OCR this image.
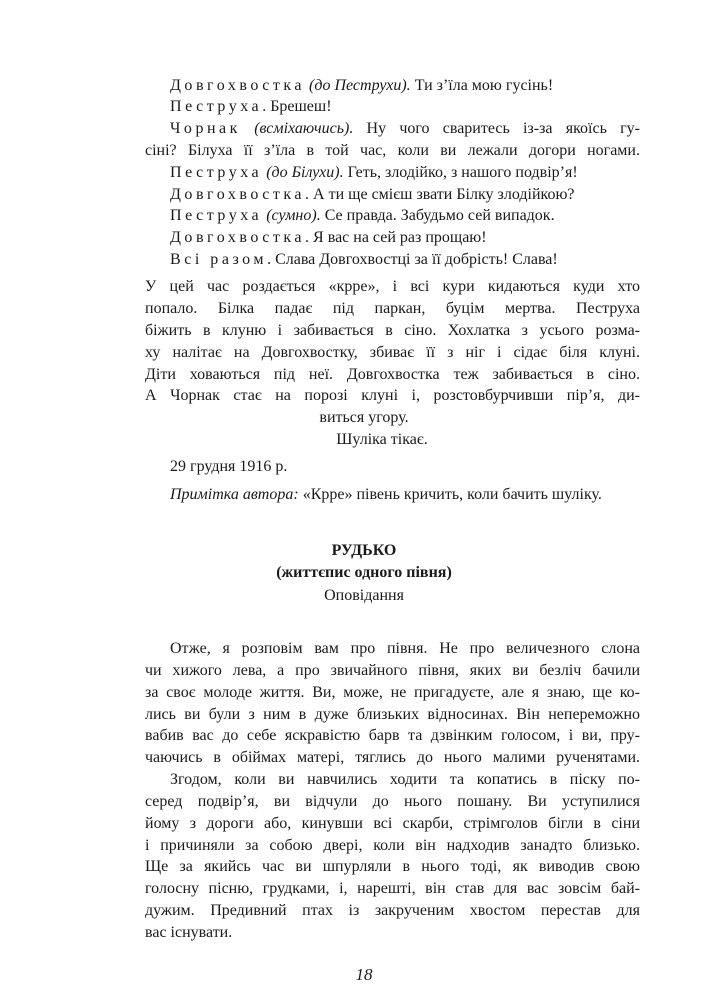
Довгохвостка (до Пеструхи). Ти з’їла мою гусінь!
Пеструха. Брешеш!
Чорнак (всміхаючись). Ну чого сваритесь із-за якоїсь гу-
сіні? Білуха її з’їла в той час, коли ви лежали догори ногами.
Пеструха (до Білухи). Геть, злодійко, з нашого подвір’я!
Довгохвостка. А ти ще смієш звати Білку злодійкою?
Пеструха (сумно). Се правда. Забудьмо сей випадок.
Довгохвостка. Я вас на сей раз прощаю!
Всі разом. Слава Довгохвостці за її добрість! Слава!
У цей час роздається «крре», і всі кури кидаються куди хто
попало. Білка падає під паркан, буцім мертва. Пеструха
біжить в клуню і забивається в сіно. Хохлатка з усього розма-
ху налітає на Довгохвостку, збиває її з ніг і сідає біля клуні.
Діти ховаються під неї. Довгохвостка теж забивається в сіно.
А Чорнак стає на порозі клуні і, розстовбурчивши пір’я, ди-
виться угору.
Шуліка тікає.
29 грудня 1916 р.
Примітка автора: «Крре» півень кричить, коли бачить шуліку.
РУДЬКО
(життєпис одного півня)
Оповідання
Отже, я розповім вам про півня. Не про величезного слона
чи хижого лева, а про звичайного півня, яких ви безліч бачили
за своє молоде життя. Ви, може, не пригадуєте, але я знаю, ще ко-
лись ви були з ним в дуже близьких відносинах. Він непереможно
вабив вас до себе яскравістю барв та дзвінким голосом, і ви, пру-
чаючись в обіймах матері, тяглись до нього малими рученятами.
Згодом, коли ви навчились ходити та копатись в піску по-
серед подвір’я, ви відчули до нього пошану. Ви уступилися
йому з дороги або, кинувши всі скарби, стрімголов бігли в сіни
і причиняли за собою двері, коли він надходив занадто близько.
Ще за якийсь час ви шпурляли в нього тоді, як виводив свою
голосну пісню, грудками, і, нарешті, він став для вас зовсім бай-
дужим. Предивний птах із закрученим хвостом перестав для
вас існувати.
18
